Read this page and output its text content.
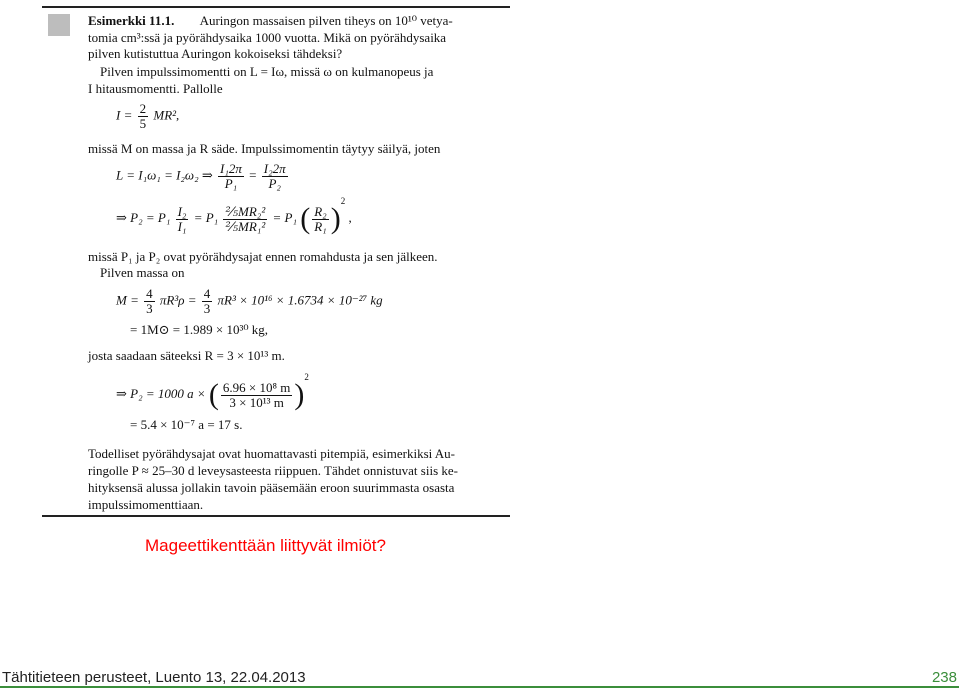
Esimerkki 11.1. Auringon massaisen pilven tiheys on 10¹⁰ vetya-
tomia cm³:ssä ja pyörähdysaika 1000 vuotta. Mikä on pyörähdysaika
pilven kutistuttua Auringon kokoiseksi tähdeksi?
Pilven impulssimomentti on L = Iω, missä ω on kulmanopeus ja
I hitausmomentti. Pallolle
$I = \frac{2}{5} MR^2$,
missä M on massa ja R säde. Impulssimomentin täytyy säilyä, joten
L = I₁ω₁ = I₂ω₂ ⇒ $\frac{\text{I₁2π}}{\text{P₁}} = \frac{\text{I₂2π}}{\text{P₂}}$
⇒ $P_2 = P_1 \frac{\text{I₂}}{\text{I₁}} = P_1 \frac{\text{⅖MR₂²}}{\text{⅖MR₁²}} = P_1$ ( $\frac{\text{R₂}}{\text{R₁}} )^2$ ,
missä P₁ ja P₂ ovat pyörähdysajat ennen romahdusta ja sen jälkeen.
Pilven massa on
$M = \frac{4}{3} \pi R^3\rho = \frac{4}{3} \pi R^3 \times 10^{16} \times 1.6734 \times 10^{-27}$ kg
= 1M⊙ = 1.989 × 10³⁰ kg,
josta saadaan säteeksi R = 3 × 10¹³ m.
⇒ P₂ = 1000 a × ( $\frac{\text{6.96 × 10⁸ m}}{\text{3 × 10¹³ m}} )^2$
= 5.4 × 10⁻⁷ a = 17 s.
Todelliset pyörähdysajat ovat huomattavasti pitempiä, esimerkiksi Au-
ringolle P ≈ 25–30 d leveysasteesta riippuen. Tähdet onnistuvat siis ke-
hityksensä alussa jollakin tavoin pääsemään eroon suurimmasta osasta
impulssimomenttiaan.
Mageettikenttään liittyvät ilmiöt?
Tähtitieteen perusteet, Luento 13, 22.04.2013	238
